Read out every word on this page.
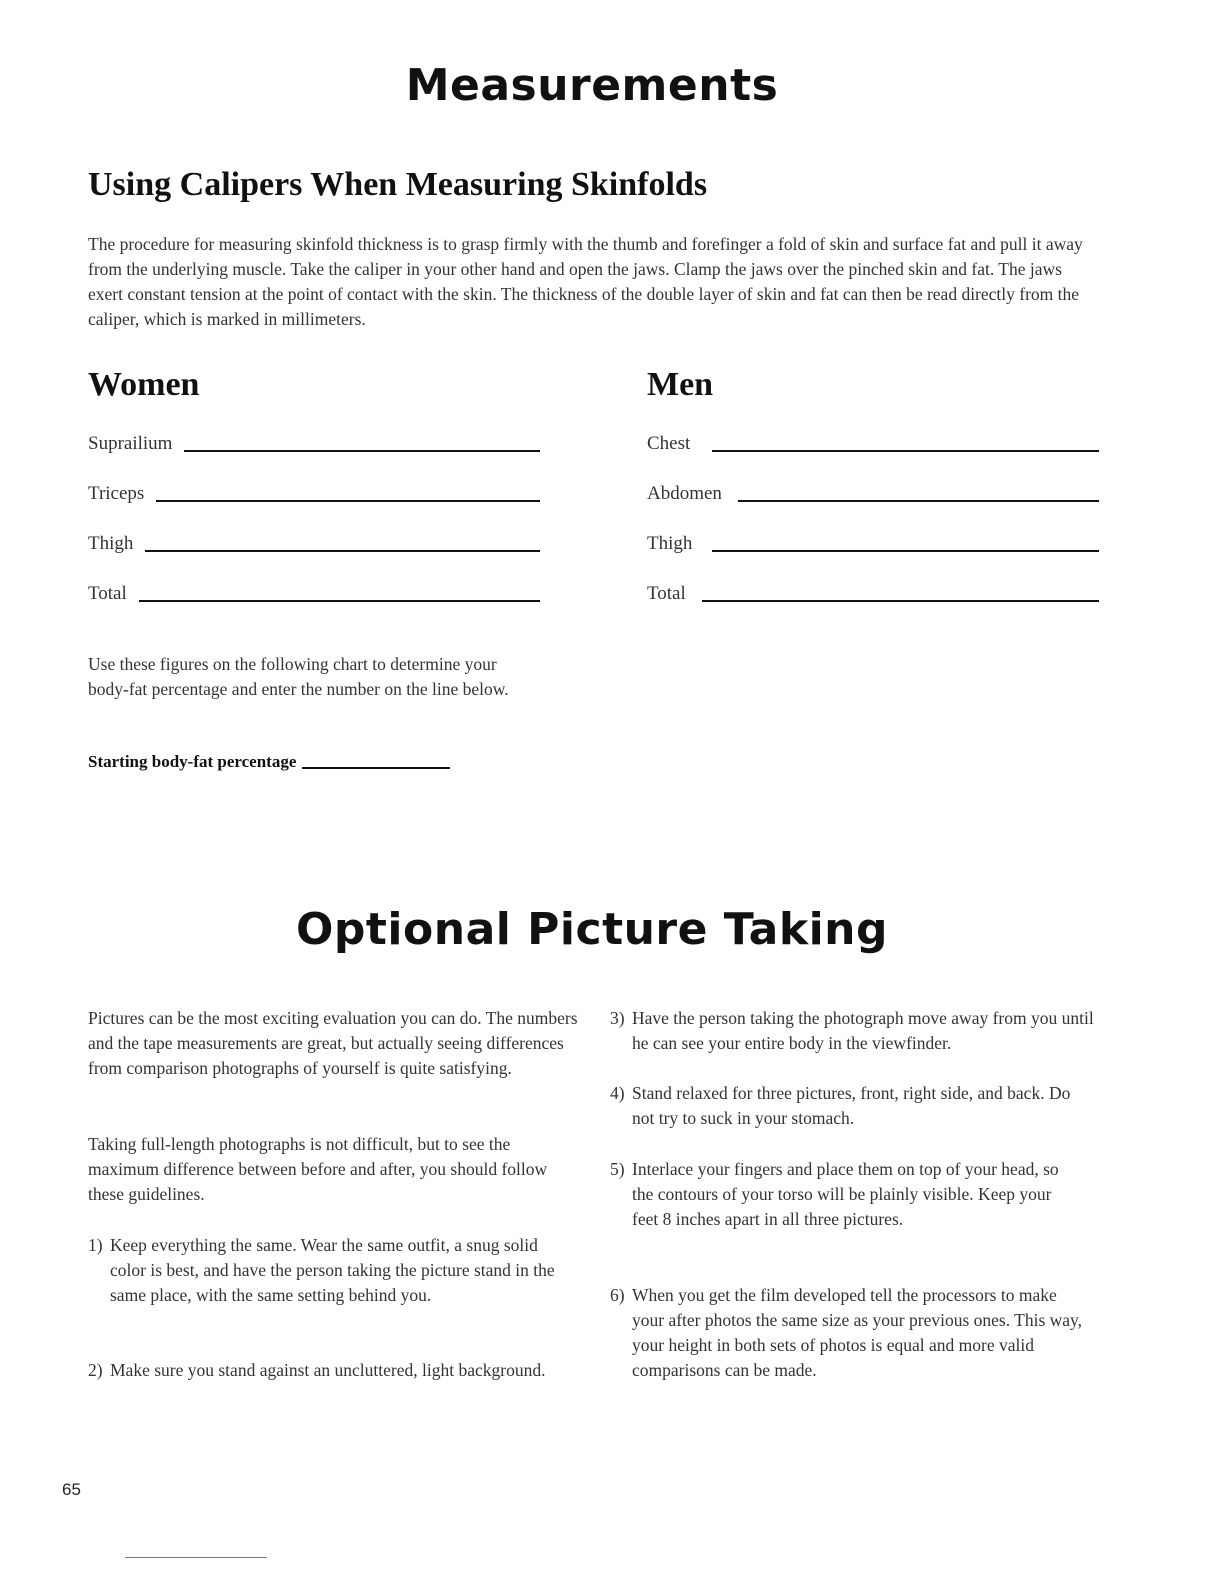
Measurements
Using Calipers When Measuring Skinfolds

The procedure for measuring skinfold thickness is to grasp firmly with the thumb and forefinger a fold of skin and surface fat and pull it away from the underlying muscle. Take the caliper in your other hand and open the jaws. Clamp the jaws over the pinched skin and fat. The jaws exert constant tension at the point of contact with the skin. The thickness of the double layer of skin and fat can then be read directly from the caliper, which is marked in millimeters.

Women
Suprailium
Triceps
Thigh
Total
Men
Chest
Abdomen
Thigh
Total

Use these figures on the following chart to determine your body-fat percentage and enter the number on the line below.

Starting body-fat percentage
Optional Picture Taking

Pictures can be the most exciting evaluation you can do. The numbers and the tape measurements are great, but actually seeing differences from comparison photographs of yourself is quite satisfying.

Taking full-length photographs is not difficult, but to see the maximum difference between before and after, you should follow these guidelines.

1) Keep everything the same. Wear the same outfit, a snug solid color is best, and have the person taking the picture stand in the same place, with the same setting behind you.
2) Make sure you stand against an uncluttered, light background.
3) Have the person taking the photograph move away from you until he can see your entire body in the viewfinder.
4) Stand relaxed for three pictures, front, right side, and back. Do not try to suck in your stomach.
5) Interlace your fingers and place them on top of your head, so the contours of your torso will be plainly visible. Keep your feet 8 inches apart in all three pictures.
6) When you get the film developed tell the processors to make your after photos the same size as your previous ones. This way, your height in both sets of photos is equal and more valid comparisons can be made.
65
